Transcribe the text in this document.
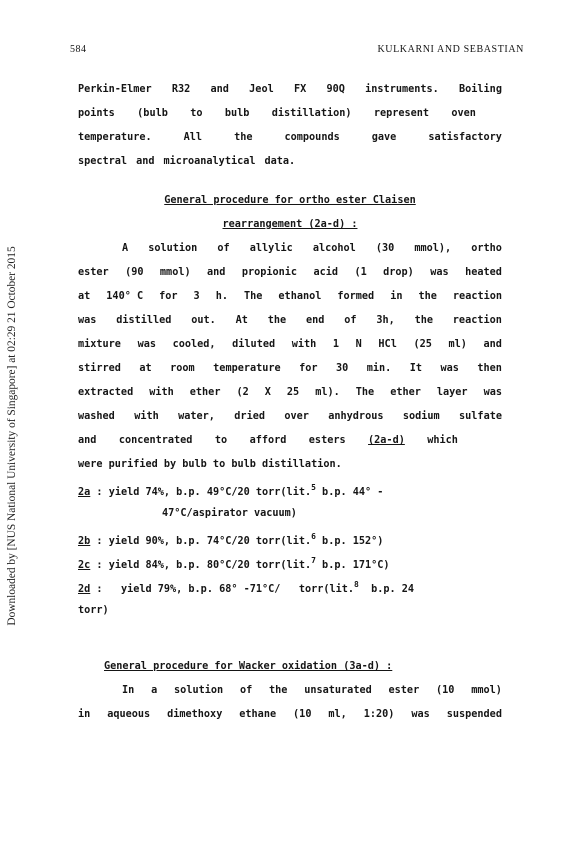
Downloaded by [NUS National University of Singapore] at 02:29 21 October 2015
584	KULKARNI AND SEBASTIAN
Perkin-Elmer R32 and Jeol FX 90Q instruments. Boiling
points (bulb to bulb distillation) represent oven
temperature.	All	the	compounds	gave	satisfactory
spectral and microanalytical data.
General procedure for ortho ester Claisen
rearrangement (2a-d) :
A solution of allylic alcohol (30 mmol), ortho
ester (90 mmol) and propionic acid (1 drop) was heated
at 140° C for 3 h. The ethanol formed in the reaction
was distilled out. At the end of 3h, the reaction
mixture was cooled, diluted with 1 N HCl (25 ml) and
stirred at room temperature for 30 min. It was then
extracted with ether (2 X 25 ml). The ether layer was
washed with water, dried over anhydrous sodium sulfate
and concentrated to afford esters (2a-d) which
were purified by bulb to bulb distillation.
2a : yield 74%, b.p. 49°C/20 torr(lit.$^5$ b.p. 44° -
47°C/aspirator vacuum)
2b : yield 90%, b.p. 74°C/20 torr(lit.$^6$ b.p. 152°)
2c : yield 84%, b.p. 80°C/20 torr(lit.$^7$ b.p. 171°C)
2d :   yield 79%, b.p. 68° -71°C/   torr(lit.$^8$  b.p. 24
torr)
General procedure for Wacker oxidation (3a-d) :
In a solution of the unsaturated ester (10 mmol)
in aqueous dimethoxy ethane (10 ml, 1:20) was suspended
